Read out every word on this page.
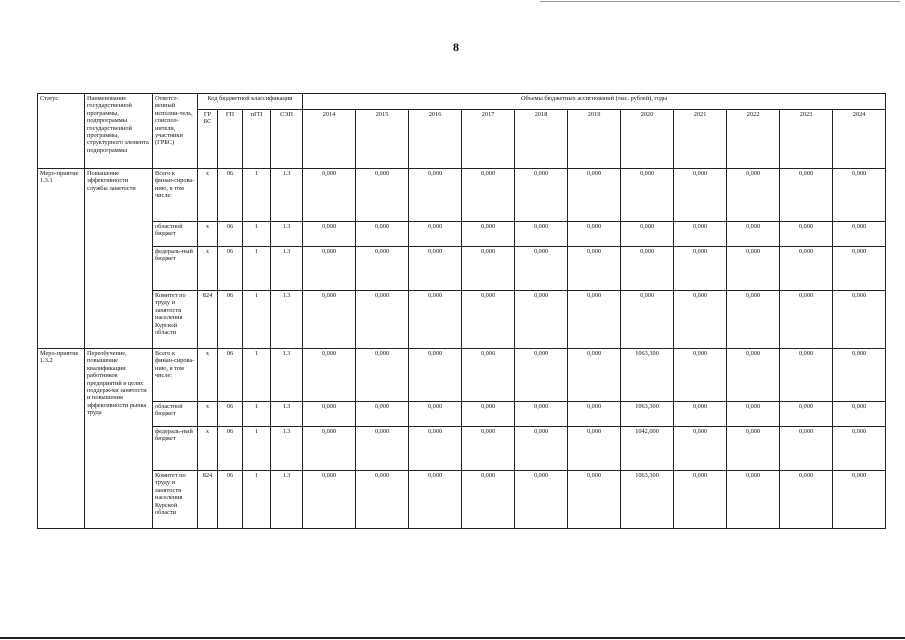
8
Статус	Наименование государственной программы, подпрограммы государственной программы, структурного элемента подпрограммы	Ответст-венный исполни-тель, соиспол-нители, участники (ГРБС)	Код бюджетной классификации				Объемы бюджетных ассигнований (тыс. рублей), годы										
			ГР БС	ГП	пГП	СЭП	2014	2015	2016	2017	2018	2019	2020	2021	2022	2023	2024
Меро-приятие 1.3.1	Повышение эффективности службы занятости	Всего к финан-сирова-нию, в том числе:	х	06	1	1.3	0,000	0,000	0,000	0,000	0,000	0,000	0,000	0,000	0,000	0,000	0,000
		областной бюджет	х	06	1	1.3	0,000	0,000	0,000	0,000	0,000	0,000	0,000	0,000	0,000	0,000	0,000
		федераль-ный бюджет	х	06	1	1.3	0,000	0,000	0,000	0,000	0,000	0,000	0,000	0,000	0,000	0,000	0,000
		Комитет по труду и занятости населения Курской области	824	06	1	1.3	0,000	0,000	0,000	0,000	0,000	0,000	0,000	0,000	0,000	0,000	0,000
Меро-приятие 1.3.2	Переобучение, повышение квалификации работников предприятий в целях поддерж-ки занятости и повышения эффективности рынка труда	Всего к финан-сирова-нию, в том числе:	х	06	1	1.3	0,000	0,000	0,000	0,000	0,000	0,000	1063,300	0,000	0,000	0,000	0,000
		областной бюджет	х	06	1	1.3	0,000	0,000	0,000	0,000	0,000	0,000	1063,300	0,000	0,000	0,000	0,000
		федераль-ный бюджет	х	06	1	1.3	0,000	0,000	0,000	0,000	0,000	0,000	1042,000	0,000	0,000	0,000	0,000
		Комитет по труду и занятости населения Курской области	824	06	1	1.3	0,000	0,000	0,000	0,000	0,000	0,000	1063,300	0,000	0,000	0,000	0,000
